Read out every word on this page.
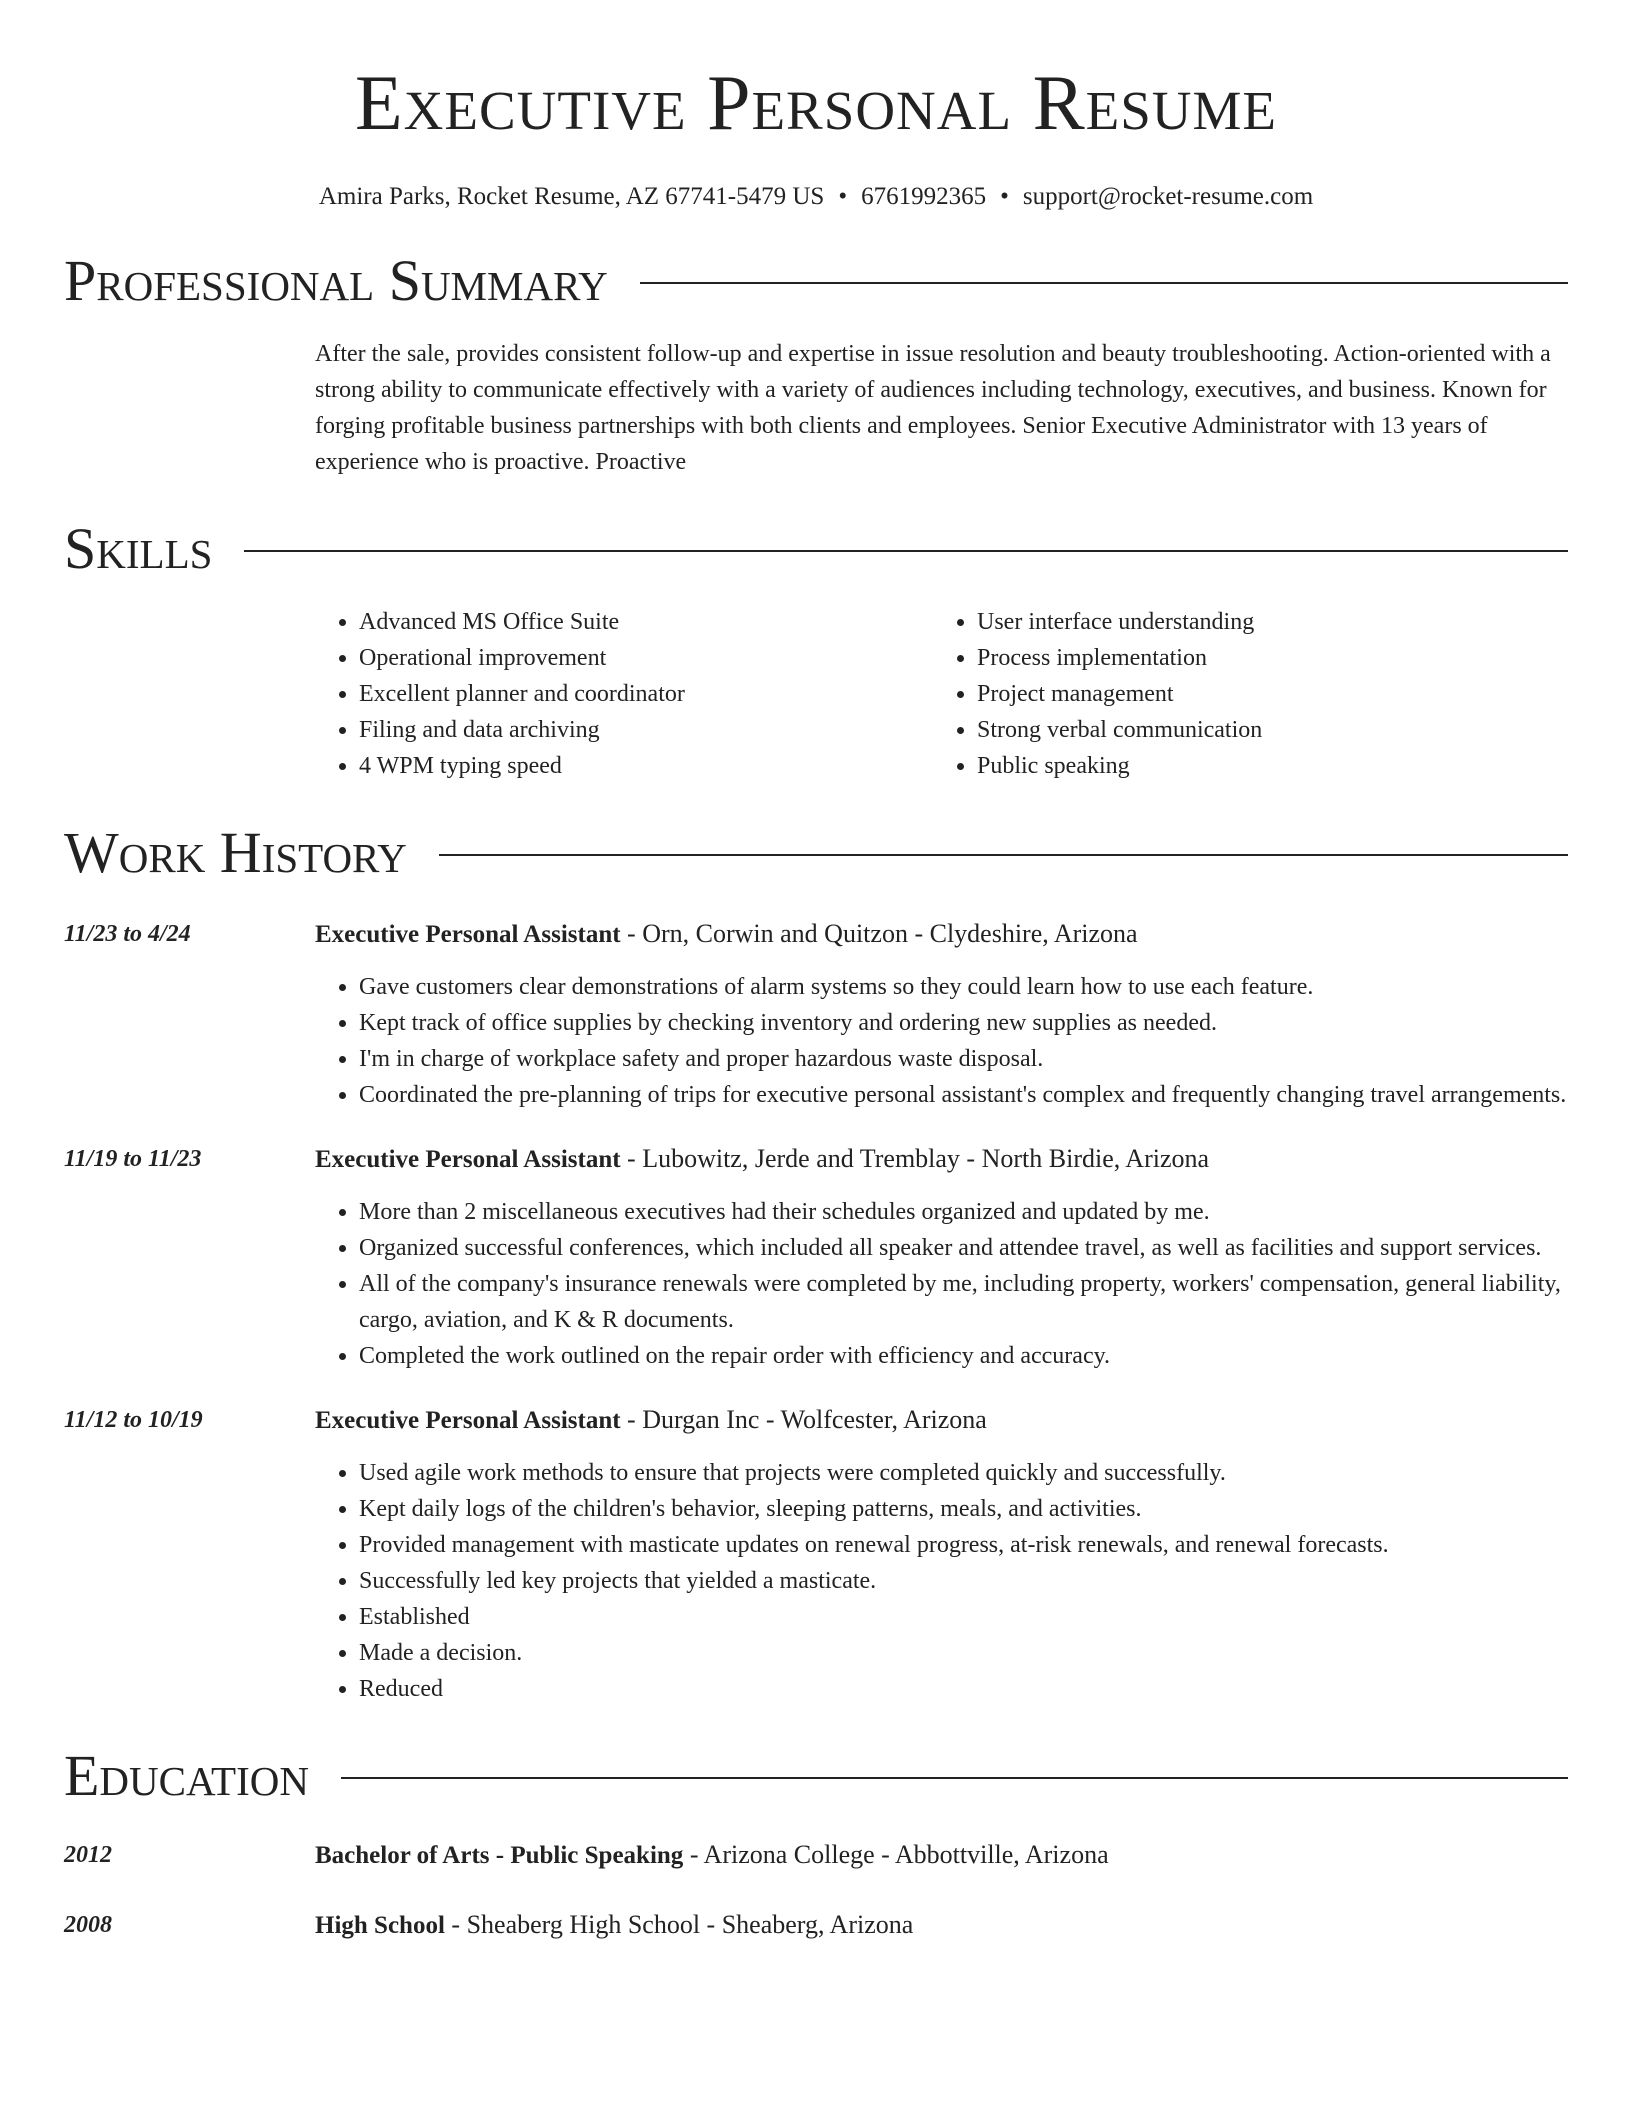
Executive Personal Resume
Amira Parks, Rocket Resume, AZ 67741-5479 US • 6761992365 • support@rocket-resume.com
Professional Summary
After the sale, provides consistent follow-up and expertise in issue resolution and beauty troubleshooting. Action-oriented with a strong ability to communicate effectively with a variety of audiences including technology, executives, and business. Known for forging profitable business partnerships with both clients and employees. Senior Executive Administrator with 13 years of experience who is proactive. Proactive
Skills
• Advanced MS Office Suite
• Operational improvement
• Excellent planner and coordinator
• Filing and data archiving
• 4 WPM typing speed
• User interface understanding
• Process implementation
• Project management
• Strong verbal communication
• Public speaking
Work History
11/23 to 4/24	Executive Personal Assistant - Orn, Corwin and Quitzon - Clydeshire, Arizona
• Gave customers clear demonstrations of alarm systems so they could learn how to use each feature.
• Kept track of office supplies by checking inventory and ordering new supplies as needed.
• I'm in charge of workplace safety and proper hazardous waste disposal.
• Coordinated the pre-planning of trips for executive personal assistant's complex and frequently changing travel arrangements.
11/19 to 11/23	Executive Personal Assistant - Lubowitz, Jerde and Tremblay - North Birdie, Arizona
• More than 2 miscellaneous executives had their schedules organized and updated by me.
• Organized successful conferences, which included all speaker and attendee travel, as well as facilities and support services.
• All of the company's insurance renewals were completed by me, including property, workers' compensation, general liability, cargo, aviation, and K & R documents.
• Completed the work outlined on the repair order with efficiency and accuracy.
11/12 to 10/19	Executive Personal Assistant - Durgan Inc - Wolfcester, Arizona
• Used agile work methods to ensure that projects were completed quickly and successfully.
• Kept daily logs of the children's behavior, sleeping patterns, meals, and activities.
• Provided management with masticate updates on renewal progress, at-risk renewals, and renewal forecasts.
• Successfully led key projects that yielded a masticate.
• Established
• Made a decision.
• Reduced
Education
2012	Bachelor of Arts - Public Speaking - Arizona College - Abbottville, Arizona
2008	High School - Sheaberg High School - Sheaberg, Arizona
